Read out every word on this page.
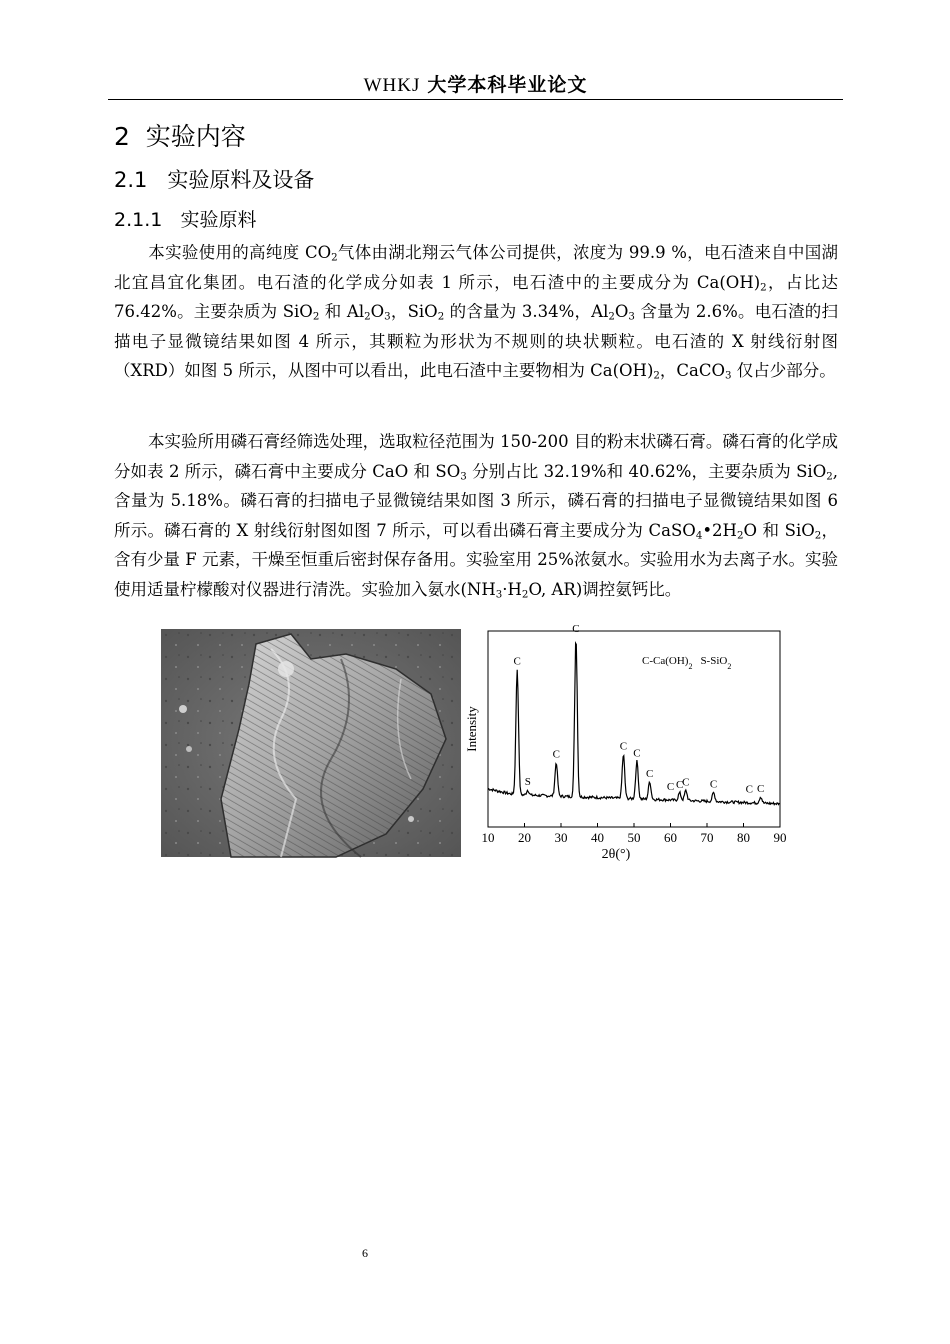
WHKJ 大学本科毕业论文
2  实验内容
2.1   实验原料及设备
2.1.1   实验原料

本实验使用的高纯度 $CO_2$气体由湖北翔云气体公司提供，浓度为 99.9 %，电石渣来自中国湖北宜昌宜化集团。电石渣的化学成分如表 1 所示，电石渣中的主要成分为 $Ca(OH)_2$，占比达 76.42%。主要杂质为 SiO$_2$ 和 $Al_2O_3$，SiO$_2$ 的含量为 3.34%，$Al_2O_3$ 含量为 2.6%。电石渣的扫描电子显微镜结果如图 4 所示，其颗粒为形状为不规则的块状颗粒。电石渣的 X 射线衍射图（XRD）如图 5 所示，从图中可以看出，此电石渣中主要物相为 $Ca(OH)_2$，CaCO$_3$ 仅占少部分。

本实验所用磷石膏经筛选处理，选取粒径范围为 150-200 目的粉末状磷石膏。磷石膏的化学成分如表 2 所示，磷石膏中主要成分 CaO 和 $SO_3$ 分别占比 32.19%和 40.62%，主要杂质为 SiO$_2$, 含量为 5.18%。磷石膏的扫描电子显微镜结果如图 3 所示，磷石膏的扫描电子显微镜结果如图 6 所示。磷石膏的 X 射线衍射图如图 7 所示，可以看出磷石膏主要成分为 $CaSO_4•2H_2O$ 和 SiO$_2$，含有少量 F 元素，干燥至恒重后密封保存备用。实验室用 25%浓氨水。实验用水为去离子水。实验使用适量柠檬酸对仪器进行清洗。实验加入氨水($NH_3\cdot H_2O$, AR)调控氨钙比。

Intensity
2θ(°)
$C-Ca(OH)_2$ S-SiO$_2$
10 20 30 40 50 60 70 80 90
C
S
C
C
C
C
C
C
C C	C
C	C
6
